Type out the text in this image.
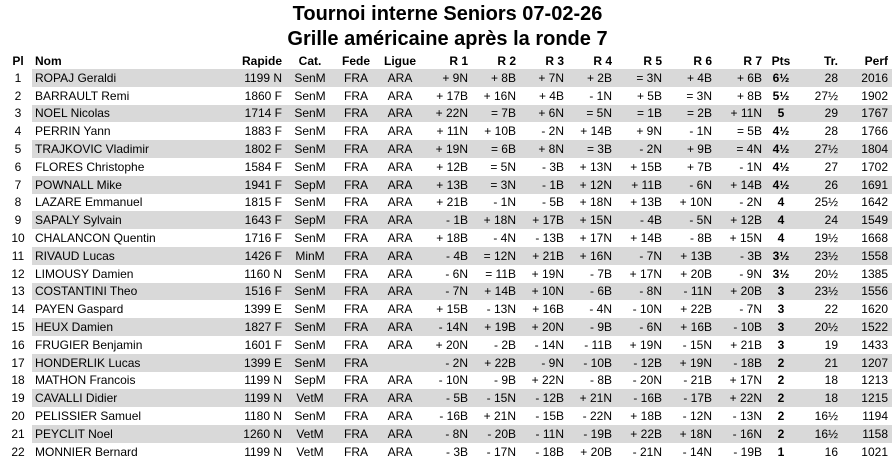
Tournoi interne Seniors 07-02-26
Grille américaine après la ronde 7
Pl	Nom	Rapide	Cat.	Fede	Ligue	R 1	R 2	R 3	R 4	R 5	R 6	R 7	Pts	Tr.	Perf
1	ROPAJ Geraldi	1199 N	SenM	FRA	ARA	+ 9N	+ 8B	+ 7N	+ 2B	= 3N	+ 4B	+ 6B	6½	28	2016
2	BARRAULT Remi	1860 F	SenM	FRA	ARA	+ 17B	+ 16N	+ 4B	- 1N	+ 5B	= 3N	+ 8B	5½	27½	1902
3	NOEL Nicolas	1714 F	SenM	FRA	ARA	+ 22N	= 7B	+ 6N	= 5N	= 1B	= 2B	+ 11N	5	29	1767
4	PERRIN Yann	1883 F	SenM	FRA	ARA	+ 11N	+ 10B	- 2N	+ 14B	+ 9N	- 1N	= 5B	4½	28	1766
5	TRAJKOVIC Vladimir	1802 F	SenM	FRA	ARA	+ 19N	= 6B	+ 8N	= 3B	- 2N	+ 9B	= 4N	4½	27½	1804
6	FLORES Christophe	1584 F	SenM	FRA	ARA	+ 12B	= 5N	- 3B	+ 13N	+ 15B	+ 7B	- 1N	4½	27	1702
7	POWNALL Mike	1941 F	SepM	FRA	ARA	+ 13B	= 3N	- 1B	+ 12N	+ 11B	- 6N	+ 14B	4½	26	1691
8	LAZARE Emmanuel	1815 F	SenM	FRA	ARA	+ 21B	- 1N	- 5B	+ 18N	+ 13B	+ 10N	- 2N	4	25½	1642
9	SAPALY Sylvain	1643 F	SepM	FRA	ARA	- 1B	+ 18N	+ 17B	+ 15N	- 4B	- 5N	+ 12B	4	24	1549
10	CHALANCON Quentin	1716 F	SenM	FRA	ARA	+ 18B	- 4N	- 13B	+ 17N	+ 14B	- 8B	+ 15N	4	19½	1668
11	RIVAUD Lucas	1426 F	MinM	FRA	ARA	- 4B	= 12N	+ 21B	+ 16N	- 7N	+ 13B	- 3B	3½	23½	1558
12	LIMOUSY Damien	1160 N	SenM	FRA	ARA	- 6N	= 11B	+ 19N	- 7B	+ 17N	+ 20B	- 9N	3½	20½	1385
13	COSTANTINI Theo	1516 F	SenM	FRA	ARA	- 7N	+ 14B	+ 10N	- 6B	- 8N	- 11N	+ 20B	3	23½	1556
14	PAYEN Gaspard	1399 E	SenM	FRA	ARA	+ 15B	- 13N	+ 16B	- 4N	- 10N	+ 22B	- 7N	3	22	1620
15	HEUX Damien	1827 F	SenM	FRA	ARA	- 14N	+ 19B	+ 20N	- 9B	- 6N	+ 16B	- 10B	3	20½	1522
16	FRUGIER Benjamin	1601 F	SenM	FRA	ARA	+ 20N	- 2B	- 14N	- 11B	+ 19N	- 15N	+ 21B	3	19	1433
17	HONDERLIK Lucas	1399 E	SenM	FRA		- 2N	+ 22B	- 9N	- 10B	- 12B	+ 19N	- 18B	2	21	1207
18	MATHON Francois	1199 N	SepM	FRA	ARA	- 10N	- 9B	+ 22N	- 8B	- 20N	- 21B	+ 17N	2	18	1213
19	CAVALLI Didier	1199 N	VetM	FRA	ARA	- 5B	- 15N	- 12B	+ 21N	- 16B	- 17B	+ 22N	2	18	1215
20	PELISSIER Samuel	1180 N	SenM	FRA	ARA	- 16B	+ 21N	- 15B	- 22N	+ 18B	- 12N	- 13N	2	16½	1194
21	PEYCLIT Noel	1260 N	VetM	FRA	ARA	- 8N	- 20B	- 11N	- 19B	+ 22B	+ 18N	- 16N	2	16½	1158
22	MONNIER Bernard	1199 N	VetM	FRA	ARA	- 3B	- 17N	- 18B	+ 20B	- 21N	- 14N	- 19B	1	16	1021
